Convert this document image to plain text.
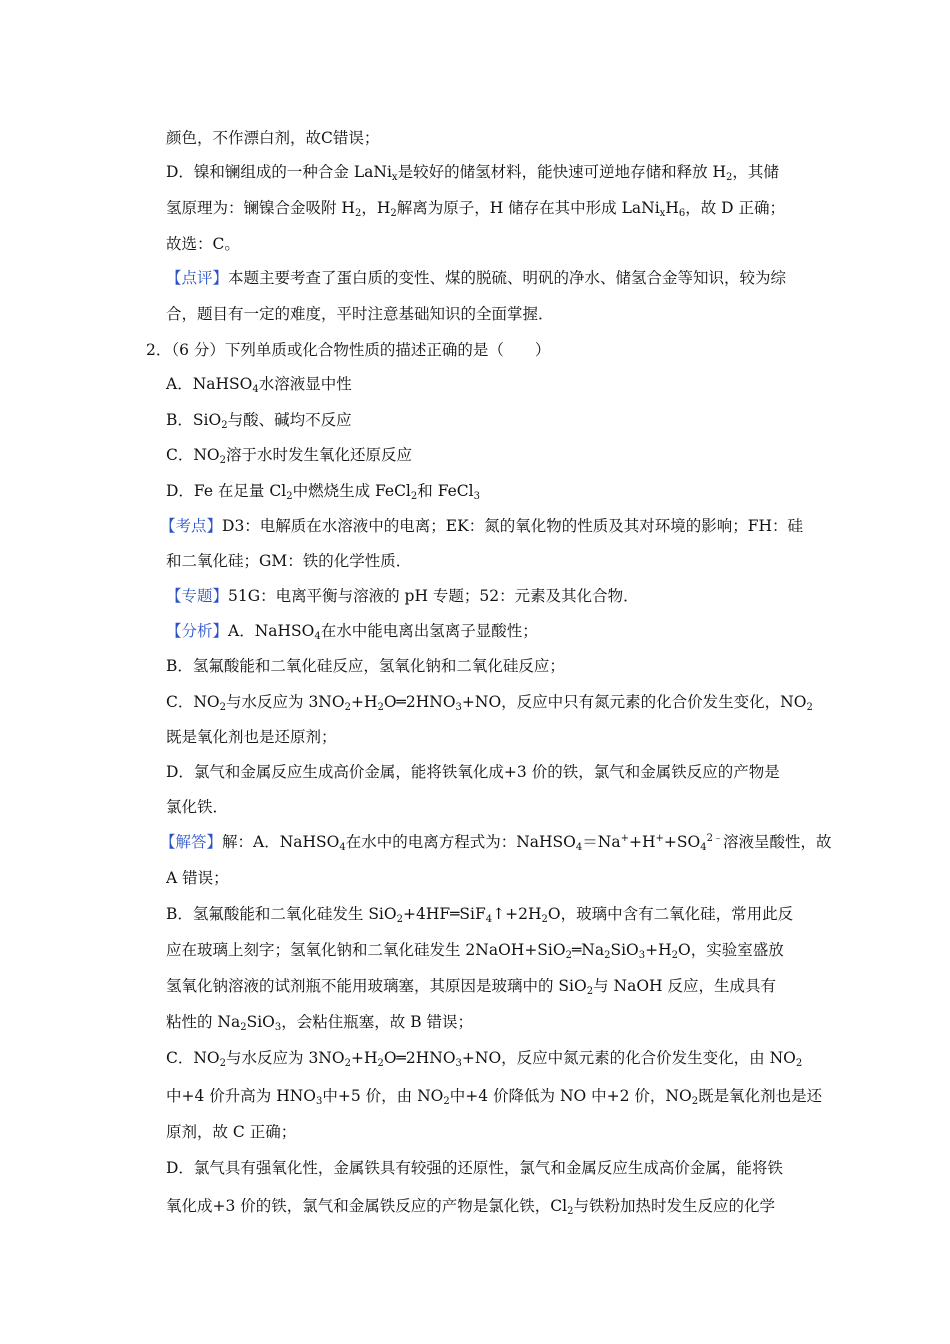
颜色，不作漂白剂，故C错误；
D．镍和镧组成的一种合金 LaNi$_x$是较好的储氢材料，能快速可逆地存储和释放 $H_2$，其储
氢原理为：镧镍合金吸附 $H_2$，$H_2$解离为原子，H 储存在其中形成 $LaNi_xH_6$，故 D 正确；
故选：C。
【点评】本题主要考查了蛋白质的变性、煤的脱硫、明矾的净水、储氢合金等知识，较为综
合，题目有一定的难度，平时注意基础知识的全面掌握．
2．（6 分）下列单质或化合物性质的描述正确的是（　　）
A．NaHSO$_4$水溶液显中性
B．SiO$_2$与酸、碱均不反应
C．$NO_2$溶于水时发生氧化还原反应
D．Fe 在足量 $Cl_2$中燃烧生成 FeCl$_2$和 FeCl$_3$
【考点】D3：电解质在水溶液中的电离；EK：氮的氧化物的性质及其对环境的影响；FH：硅
和二氧化硅；GM：铁的化学性质．
【专题】51G：电离平衡与溶液的 pH 专题；52：元素及其化合物．
【分析】A．NaHSO$_4$在水中能电离出氢离子显酸性；
B．氢氟酸能和二氧化硅反应，氢氧化钠和二氧化硅反应；
C．$NO_2$与水反应为 $3NO_2+H_2O═2HNO_3+NO$，反应中只有氮元素的化合价发生变化，$NO_2$
既是氧化剂也是还原剂；
D．氯气和金属反应生成高价金属，能将铁氧化成+3 价的铁，氯气和金属铁反应的产物是
氯化铁．
【解答】解：A．NaHSO$_4$在水中的电离方程式为：$NaHSO_4=Na^++H^++SO_4^{2﹣}$溶液呈酸性，故
A 错误；
B．氢氟酸能和二氧化硅发生 $SiO_2+4HF═SiF_4↑+2H_2O$，玻璃中含有二氧化硅，常用此反
应在玻璃上刻字；氢氧化钠和二氧化硅发生 $2NaOH+SiO_2═Na_2SiO_3+H_2O$，实验室盛放
氢氧化钠溶液的试剂瓶不能用玻璃塞，其原因是玻璃中的 SiO$_2$与 NaOH 反应，生成具有
粘性的 $Na_2SiO_3$，会粘住瓶塞，故 B 错误；
C．$NO_2$与水反应为 $3NO_2+H_2O═2HNO_3+NO$，反应中氮元素的化合价发生变化，由 $NO_2$
中+4 价升高为 $HNO_3$中+5 价，由 $NO_2$中+4 价降低为 NO 中+2 价，$NO_2$既是氧化剂也是还
原剂，故 C 正确；
D．氯气具有强氧化性，金属铁具有较强的还原性，氯气和金属反应生成高价金属，能将铁
氧化成+3 价的铁，氯气和金属铁反应的产物是氯化铁，$Cl_2$与铁粉加热时发生反应的化学
